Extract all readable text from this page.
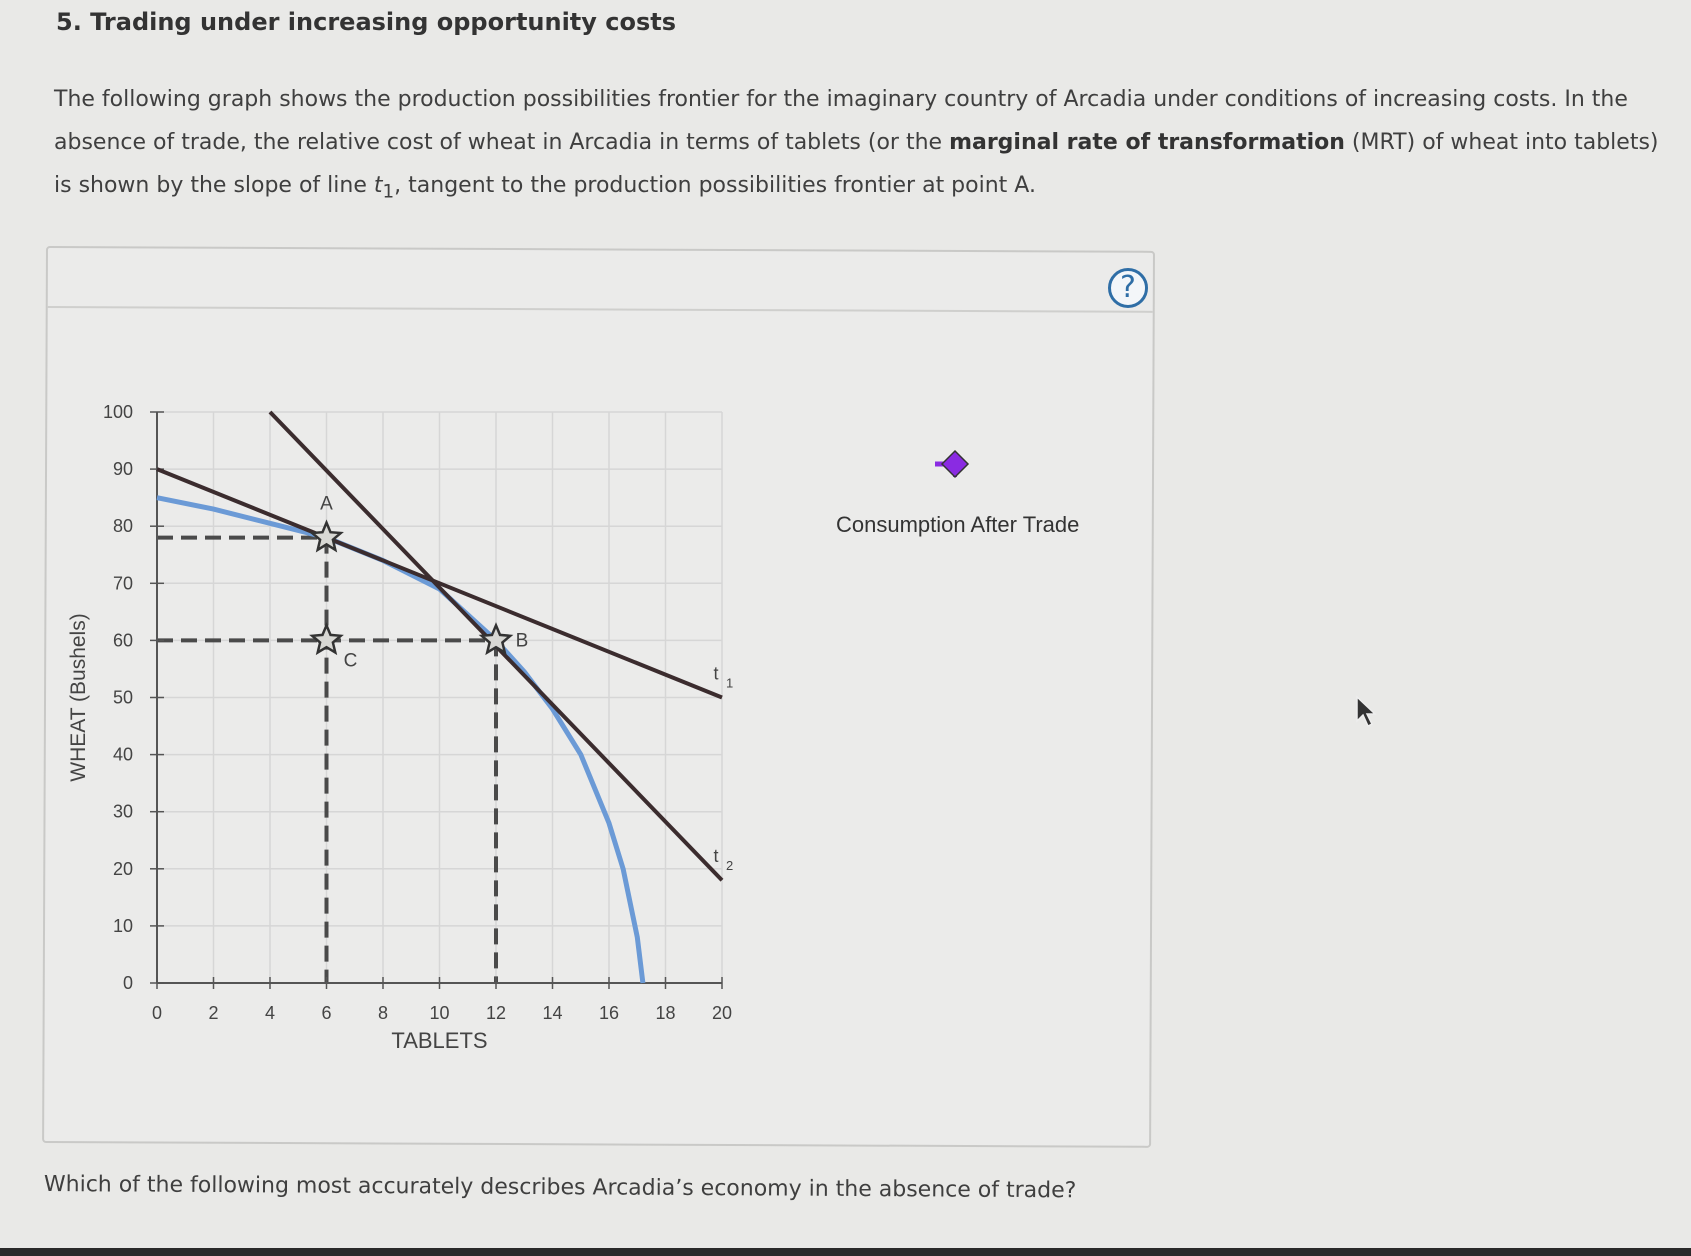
5. Trading under increasing opportunity costs
The following graph shows the production possibilities frontier for the imaginary country of Arcadia under conditions of increasing costs. In the absence of trade, the relative cost of wheat in Arcadia in terms of tablets (or the marginal rate of transformation (MRT) of wheat into tablets) is shown by the slope of line $t_1$, tangent to the production possibilities frontier at point A.
?
0	2	4	6	8 10 12 14 16 18 20
0
10
20
30
40
50
60
70
80
90
100
TABLETS
WHEAT (Bushels)	t 1
t 2
A
B
C
Consumption After Trade
Which of the following most accurately describes Arcadia’s economy in the absence of trade?
